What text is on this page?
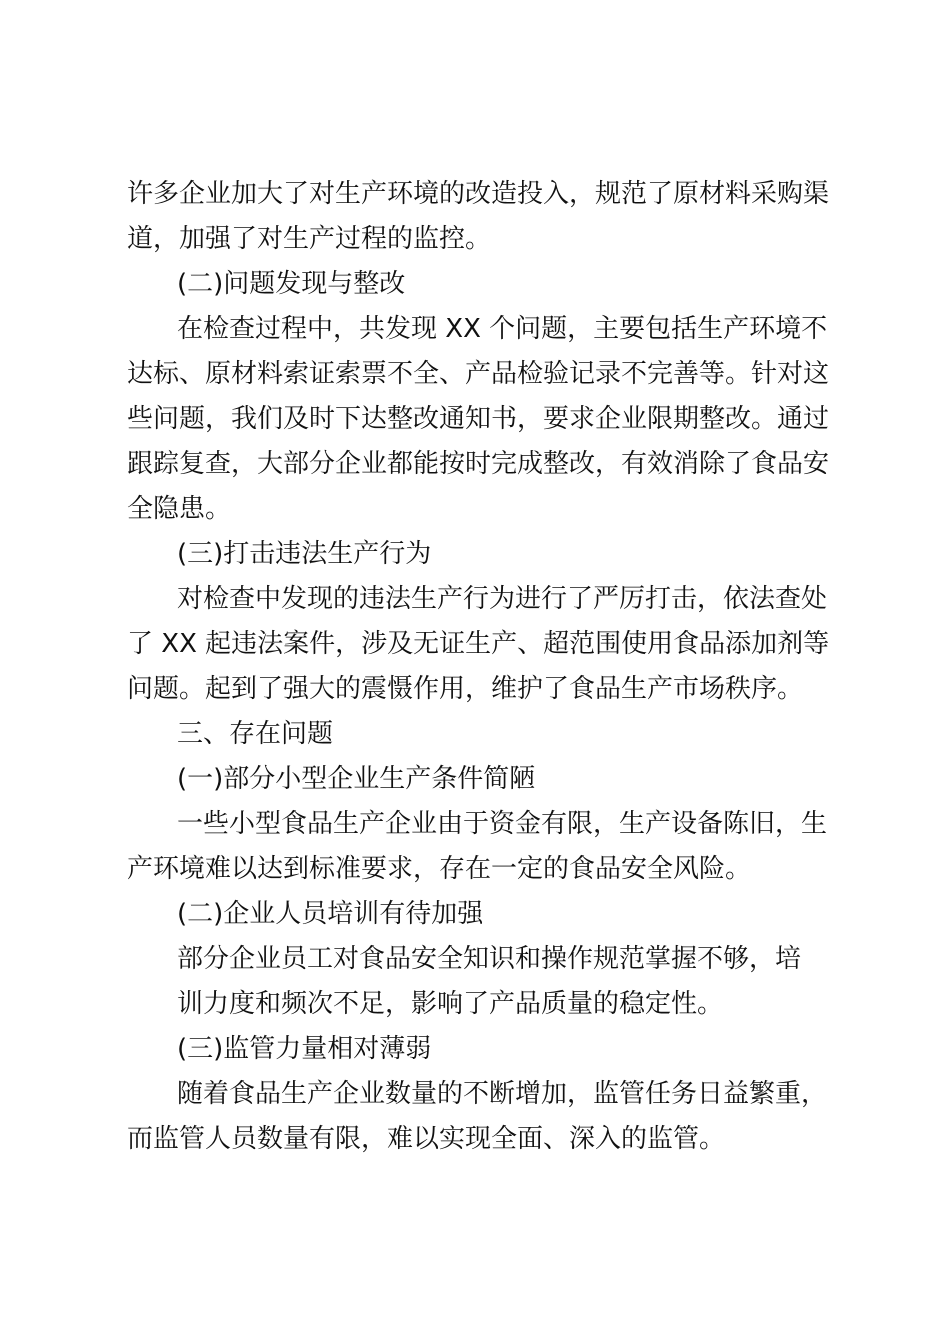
许多企业加大了对生产环境的改造投入，规范了原材料采购渠
道，加强了对生产过程的监控。
(二)问题发现与整改
在检查过程中，共发现 XX 个问题，主要包括生产环境不
达标、原材料索证索票不全、产品检验记录不完善等。针对这
些问题，我们及时下达整改通知书，要求企业限期整改。通过
跟踪复查，大部分企业都能按时完成整改，有效消除了食品安
全隐患。
(三)打击违法生产行为
对检查中发现的违法生产行为进行了严厉打击，依法查处
了 XX 起违法案件，涉及无证生产、超范围使用食品添加剂等
问题。起到了强大的震慑作用，维护了食品生产市场秩序。
三、存在问题
(一)部分小型企业生产条件简陋
一些小型食品生产企业由于资金有限，生产设备陈旧，生
产环境难以达到标准要求，存在一定的食品安全风险。
(二)企业人员培训有待加强
部分企业员工对食品安全知识和操作规范掌握不够，培
训力度和频次不足，影响了产品质量的稳定性。
(三)监管力量相对薄弱
随着食品生产企业数量的不断增加，监管任务日益繁重，
而监管人员数量有限，难以实现全面、深入的监管。
